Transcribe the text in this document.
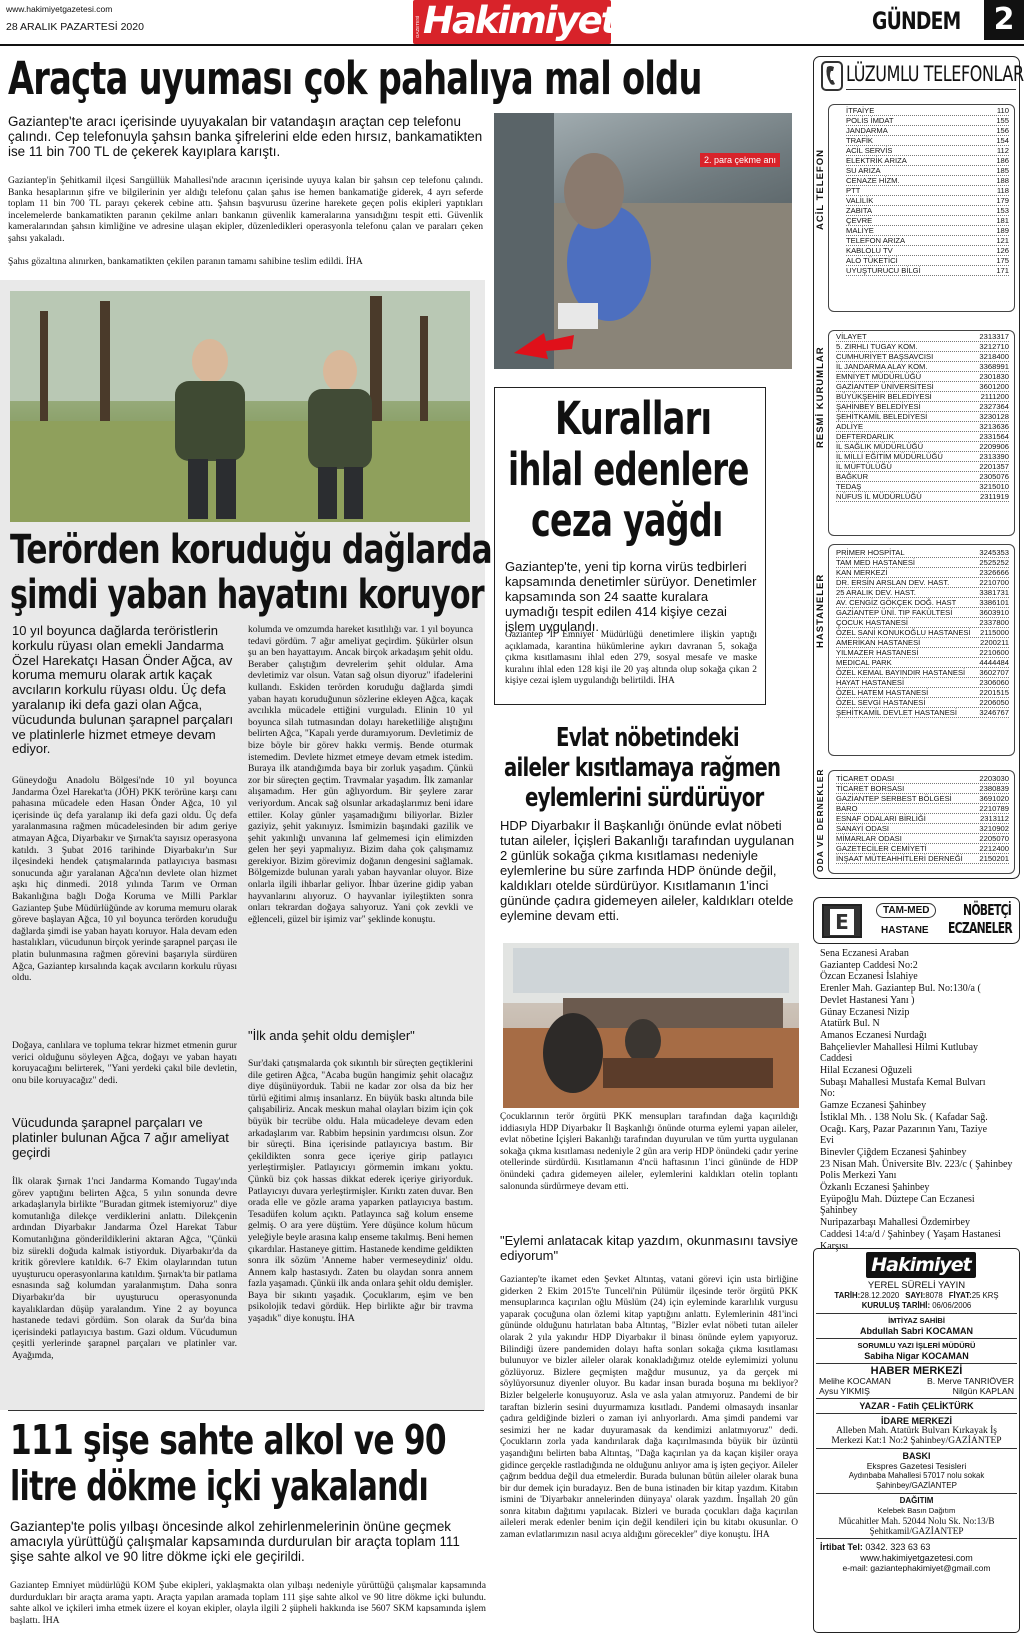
www.hakimiyetgazetesi.com
28 ARALIK PAZARTESİ 2020	GAZETESİ Hakimiyet	GÜNDEM	2
Araçta uyuması çok pahalıya mal oldu
Gaziantep'te aracı içerisinde uyuyakalan bir vatandaşın araçtan cep telefonu çalındı. Cep telefonuyla şahsın banka şifrelerini elde eden hırsız, bankamatikten ise 11 bin 700 TL de çekerek kayıplara karıştı.
Gaziantep'in Şehitkamil ilçesi Sarıgüllük Mahallesi'nde aracının içerisinde uyuya kalan bir şahsın cep telefonu çalındı. Banka hesaplarının şifre ve bilgilerinin yer aldığı telefonu çalan şahıs ise hemen bankamatiğe giderek, 4 ayrı seferde toplam 11 bin 700 TL parayı çekerek cebine attı. Şahsın başvurusu üzerine harekete geçen polis ekipleri yaptıkları incelemelerde bankamatikten paranın çekilme anları bankanın güvenlik kameralarına yansıdığını tespit etti. Güvenlik kameralarından şahsın kimliğine ve adresine ulaşan ekipler, düzenledikleri operasyonla telefonu çalan ve paraları çeken şahsı yakaladı.
Şahıs gözaltına alınırken, bankamatikten çekilen paranın tamamı sahibine teslim edildi. İHA
2. para çekme anı
Terörden koruduğu dağlarda
şimdi yaban hayatını koruyor
10 yıl boyunca dağlarda teröristlerin korkulu rüyası olan emekli Jandarma Özel Harekatçı Hasan Önder Ağca, av koruma memuru olarak artık kaçak avcıların korkulu rüyası oldu. Üç defa yaralanıp iki defa gazi olan Ağca, vücudunda bulunan şarapnel parçaları ve platinlerle hizmet etmeye devam ediyor.
Güneydoğu Anadolu Bölgesi'nde 10 yıl boyunca Jandarma Özel Harekat'ta (JÖH) PKK terörüne karşı canı pahasına mücadele eden Hasan Önder Ağca, 10 yıl içerisinde üç defa yaralanıp iki defa gazi oldu. Üç defa yaralanmasına rağmen mücadelesinden bir adım geriye atmayan Ağca, Diyarbakır ve Şırnak'ta sayısız operasyona katıldı. 3 Şubat 2016 tarihinde Diyarbakır'ın Sur ilçesindeki hendek çatışmalarında patlayıcıya basması sonucunda ağır yaralanan Ağca'nın devlete olan hizmet aşkı hiç dinmedi. 2018 yılında Tarım ve Orman Bakanlığına bağlı Doğa Koruma ve Milli Parklar Gaziantep Şube Müdürlüğünde av koruma memuru olarak göreve başlayan Ağca, 10 yıl boyunca terörden koruduğu dağlarda şimdi ise yaban hayatı koruyor. Hala devam eden hastalıkları, vücudunun birçok yerinde şarapnel parçası ile platin bulunmasına rağmen görevini başarıyla sürdüren Ağca, Gaziantep kırsalında kaçak avcıların korkulu rüyası oldu.
Doğaya, canlılara ve topluma tekrar hizmet etmenin gurur verici olduğunu söyleyen Ağca, doğayı ve yaban hayatı koruyacağını belirterek, "Yani yerdeki çakıl bile devletin, onu bile koruyacağız" dedi.
Vücudunda şarapnel parçaları ve platinler bulunan Ağca 7 ağır ameliyat geçirdi
İlk olarak Şırnak 1'nci Jandarma Komando Tugay'ında görev yaptığını belirten Ağca, 5 yılın sonunda devre arkadaşlarıyla birlikte "Buradan gitmek istemiyoruz" diye komutanlığa dilekçe verdiklerini anlattı. Dilekçenin ardından Diyarbakır Jandarma Özel Harekat Tabur Komutanlığına gönderildiklerini aktaran Ağca, "Çünkü biz sürekli doğuda kalmak istiyorduk. Diyarbakır'da da kritik görevlere katıldık. 6-7 Ekim olaylarından tutun uyuşturucu operasyonlarına katıldım. Şırnak'ta bir patlama esnasında sağ kolumdan yaralanmıştım. Daha sonra Diyarbakır'da bir uyuşturucu operasyonunda kayalıklardan düşüp yaralandım. Yine 2 ay boyunca hastanede tedavi gördüm. Son olarak da Sur'da bina içerisindeki patlayıcıya bastım. Gazi oldum. Vücudumun çeşitli yerlerinde şarapnel parçaları ve platinler var. Ayağımda,
kolumda ve omzumda hareket kısıtlılığı var. 1 yıl boyunca tedavi gördüm. 7 ağır ameliyat geçirdim. Şükürler olsun şu an ben hayattayım. Ancak birçok arkadaşım şehit oldu. Beraber çalıştığım devrelerim şehit oldular. Ama devletimiz var olsun. Vatan sağ olsun diyoruz" ifadelerini kullandı. Eskiden terörden koruduğu dağlarda şimdi yaban hayatı koruduğunun sözlerine ekleyen Ağca, kaçak avcılıkla mücadele ettiğini vurguladı. Elinin 10 yıl boyunca silah tutmasından dolayı hareketliliğe alıştığını belirten Ağca, "Kapalı yerde duramıyorum. Devletimiz de bize böyle bir görev hakkı vermiş. Bende oturmak istemedim. Devlete hizmet etmeye devam etmek istedim. Buraya ilk atandığımda baya bir zorluk yaşadım. Çünkü zor bir süreçten geçtim. Travmalar yaşadım. İlk zamanlar alışamadım. Her gün ağlıyordum. Bir şeylere zarar veriyordum. Ancak sağ olsunlar arkadaşlarımız beni idare ettiler. Kolay günler yaşamadığımı biliyorlar. Bizler gaziyiz, şehit yakınıyız. İsmimizin başındaki gazilik ve şehit yakınlığı unvanına laf gelmemesi için elimizden gelen her şeyi yapmalıyız. Bizim daha çok çalışmamız gerekiyor. Bizim görevimiz doğanın dengesini sağlamak. Bölgemizde bulunan yaralı yaban hayvanlar oluyor. Bize onlarla ilgili ihbarlar geliyor. İhbar üzerine gidip yaban hayvanlarını alıyoruz. O hayvanlar iyileştikten sonra onları tekrardan doğaya salıyoruz. Yani çok zevkli ve eğlenceli, güzel bir işimiz var" şeklinde konuştu.
"İlk anda şehit oldu demişler"
Sur'daki çatışmalarda çok sıkıntılı bir süreçten geçtiklerini dile getiren Ağca, "Acaba bugün hangimiz şehit olacağız diye düşünüyorduk. Tabii ne kadar zor olsa da biz her türlü eğitimi almış insanlarız. En büyük baskı altında bile çalışabiliriz. Ancak meskun mahal olayları bizim için çok büyük bir tecrübe oldu. Hala mücadeleye devam eden arkadaşlarım var. Rabbim hepsinin yardımcısı olsun. Zor bir süreçti. Bina içerisinde patlayıcıya bastım. Bir çekildikten sonra gece içeriye girip patlayıcı yerleştirmişler. Patlayıcıyı görmemin imkanı yoktu. Çünkü biz çok hassas dikkat ederek içeriye giriyorduk. Patlayıcıyı duvara yerleştirmişler. Kırıktı zaten duvar. Ben orada elle ve gözle arama yaparken patlayıcıya bastım. Tesadüfen kolum açıktı. Patlayınca sağ kolum enseme gelmiş. O ara yere düştüm. Yere düşünce kolum hücum yeleğiyle beyle arasına kalıp enseme takılmış. Beni hemen çıkardılar. Hastaneye gittim. Hastanede kendime geldikten sonra ilk sözüm 'Anneme haber vermeseydiniz' oldu. Annem kalp hastasıydı. Zaten bu olaydan sonra annem fazla yaşamadı. Çünkü ilk anda onlara şehit oldu demişler. Baya bir sıkıntı yaşadık. Çocuklarım, eşim ve ben psikolojik tedavi gördük. Hep birlikte ağır bir travma yaşadık" diye konuştu. İHA
111 şişe sahte alkol ve 90
litre dökme içki yakalandı
Gaziantep'te polis yılbaşı öncesinde alkol zehirlenmelerinin önüne geçmek amacıyla yürüttüğü çalışmalar kapsamında durdurulan bir araçta toplam 111 şişe sahte alkol ve 90 litre dökme içki ele geçirildi.
Gaziantep Emniyet müdürlüğü KOM Şube ekipleri, yaklaşmakta olan yılbaşı nedeniyle yürüttüğü çalışmalar kapsamında durdurdukları bir araçta arama yaptı. Araçta yapılan aramada toplam 111 şişe sahte alkol ve 90 litre dökme içki bulundu. sahte alkol ve içkileri imha etmek üzere el koyan ekipler, olayla ilgili 2 şüpheli hakkında ise 5607 SKM kapsamında işlem başlattı. İHA
Kuralları
ihlal edenlere
ceza yağdı
Gaziantep'te, yeni tip korna virüs tedbirleri kapsamında denetimler sürüyor. Denetimler kapsamında son 24 saatte kuralara uymadığı tespit edilen 414 kişiye cezai işlem uygulandı.
Gaziantep İl Emniyet Müdürlüğü denetimlere ilişkin yaptığı açıklamada, karantina hükümlerine aykırı davranan 5, sokağa çıkma kısıtlamasını ihlal eden 279, sosyal mesafe ve maske kuralını ihlal eden 128 kişi ile 20 yaş altında olup sokağa çıkan 2 kişiye cezai işlem uygulandığı belirtildi. İHA
Evlat nöbetindeki
aileler kısıtlamaya rağmen
eylemlerini sürdürüyor
HDP Diyarbakır İl Başkanlığı önünde evlat nöbeti tutan aileler, İçişleri Bakanlığı tarafından uygulanan 2 günlük sokağa çıkma kısıtlaması nedeniyle eylemlerine bu süre zarfında HDP önünde değil, kaldıkları otelde sürdürüyor. Kısıtlamanın 1'inci gününde çadıra gidemeyen aileler, kaldıkları otelde eylemine devam etti.
Çocuklarının terör örgütü PKK mensupları tarafından dağa kaçırıldığı iddiasıyla HDP Diyarbakır İl Başkanlığı önünde oturma eylemi yapan aileler, evlat nöbetine İçişleri Bakanlığı tarafından duyurulan ve tüm yurtta uygulanan sokağa çıkma kısıtlaması nedeniyle 2 gün ara verip HDP önündeki çadır yerine otellerinde sürdürdü. Kısıtlamanın 4'ncü haftasının 1'inci gününde de HDP önündeki çadıra gidemeyen aileler, eylemlerini kaldıkları otelin toplantı salonunda sürdürmeye devam etti.
"Eylemi anlatacak kitap yazdım, okunmasını tavsiye ediyorum"
Gaziantep'te ikamet eden Şevket Altıntaş, vatani görevi için usta birliğine giderken 2 Ekim 2015'te Tunceli'nin Pülümür ilçesinde terör örgütü PKK mensuplarınca kaçırılan oğlu Müslüm (24) için eyleminde kararlılık vurgusu yaparak çocuğuna olan özlemi kitap yaptığını anlattı. Eylemlerinin 481'inci gününde olduğunu hatırlatan baba Altıntaş, "Bizler evlat nöbeti tutan aileler olarak 2 yıla yakındır HDP Diyarbakır il binası önünde eylem yapıyoruz. Bilindiği üzere pandemiden dolayı hafta sonları sokağa çıkma kısıtlaması bulunuyor ve bizler aileler olarak konakladığımız otelde eylemimizi yolunu gözlüyoruz. Bizlere geçmişten mağdur musunuz, ya da gerçek mi söylüyorsunuz diyenler oluyor. Bu kadar insan burada boşuna mı bekliyor? Bizler belgelerle konuşuyoruz. Asla ve asla yalan atmıyoruz. Pandemi de bir taraftan bizlerin sesini duyurmamıza kısıtladı. Pandemi olmasaydı insanlar çadıra geldiğinde bizleri o zaman iyi anlıyorlardı. Ama şimdi pandemi var sesimizi her ne kadar duyuramasak da kendimizi anlatmıyoruz" dedi. Çocukların zorla yada kandırılarak dağa kaçırılmasında büyük bir üzüntü yaşandığını belirten baba Altıntaş, "Dağa kaçırılan ya da kaçan kişiler oraya gidince gerçekle rastladığında ne olduğunu anlıyor ama iş işten geçiyor. Aileler çağrım beddua değil dua etmelerdir. Burada bulunan bütün aileler olarak buna bir dur demek için buradayız. Ben de buna istinaden bir kitap yazdım. Kitabın ismini de 'Diyarbakır annelerinden dünyaya' olarak yazdım. İnşallah 20 gün sonra kitabın dağıtımı yapılacak. Bizleri ve burada çocukları dağa kaçırılan aileleri merak edenler benim için değil kendileri için bu kitabı okusunlar. O zaman evlatlarımızın nasıl acıya aldığını görecekler" diye konuştu. İHA
LÜZUMLU TELEFONLAR
ACİL TELEFON
İTFAİYE	110
POLİS İMDAT	155
JANDARMA	156
TRAFİK	154
ACİL SERVİS	112
ELEKTRİK ARIZA	186
SU ARIZA	185
CENAZE HİZM.	188
PTT	118
VALİLİK	179
ZABITA	153
ÇEVRE	181
MALİYE	189
TELEFON ARIZA	121
KABLOLU TV	126
ALO TÜKETİCİ	175
UYUŞTURUCU BİLGİ	171
RESMİ KURUMLAR
VİLAYET	2313317
5. ZIRHLI TUGAY KOM.	3212710
CUMHURİYET BAŞSAVCISI	3218400
İL JANDARMA ALAY KOM.	3368991
EMNİYET MÜDÜRLÜĞÜ	2301830
GAZİANTEP ÜNİVERSİTESİ	3601200
BÜYÜKŞEHİR BELEDİYESİ	2111200
ŞAHİNBEY BELEDİYESİ	2327364
ŞEHİTKAMİL BELEDİYESİ	3230128
ADLİYE	3213636
DEFTERDARLIK	2331564
İL SAĞLIK MÜDÜRLÜĞÜ	2209906
İL MİLLİ EĞİTİM MÜDÜRLÜĞÜ	2313390
İL MÜFTÜLÜĞÜ	2201357
BAĞKUR	2305076
TEDAŞ	3215010
NÜFUS İL MÜDÜRLÜĞÜ	2311919
HASTANELER
PRİMER HOSPİTAL	3245353
TAM MED HASTANESİ	2525252
KAN MERKEZİ	2326666
DR. ERSİN ARSLAN DEV. HAST.	2210700
25 ARALIK DEV. HAST.	3381731
AV. CENGİZ GÖKÇEK DOĞ. HAST	3386101
GAZİANTEP ÜNİ. TIP FAKÜLTESİ	3603910
ÇOCUK HASTANESİ	2337800
ÖZEL SANİ KONUKOĞLU HASTANESİ 2115000
AMERİKAN HASTANESİ	2200211
YILMAZER HASTANESİ	2210600
MEDICAL PARK	4444484
ÖZEL KEMAL BAYINDIR HASTANESİ 3602707
HAYAT HASTANESİ	2306060
ÖZEL HATEM HASTANESİ	2201515
ÖZEL SEVGİ HASTANESİ	2206050
ŞEHİTKAMİL DEVLET HASTANESİ	3246767
ODA VE DERNEKLER TİCARET ODASI	2203030
TİCARET BORSASI	2380839
GAZİANTEP SERBEST BÖLGESİ	3691020
BARO	2210789
ESNAF ODALARI BİRLİĞİ	2313112
SANAYİ ODASI	3210902
MİMARLAR ODASI	2205070
GAZETECİLER CEMİYETİ	2212400
İNŞAAT MÜTEAHHİTLERİ DERNEĞİ 2150201
E	TAM-MED
HASTANE
NÖBETÇİ
ECZANELER
Sena Eczanesi Araban
Gaziantep Caddesi No:2
Özcan Eczanesi İslahiye
Erenler Mah. Gaziantep Bul. No:130/a (
Devlet Hastanesi Yanı )
Günay Eczanesi Nizip
Atatürk Bul. N
Amanos Eczanesi Nurdağı
Bahçelievler Mahallesi Hilmi Kutlubay
Caddesi
Hilal Eczanesi Oğuzeli
Subaşı Mahallesi Mustafa Kemal Bulvarı
No:
Gamze Eczanesi Şahinbey
İstiklal Mh. . 138 Nolu Sk. ( Kafadar Sağ.
Ocağı. Karş, Pazar Pazarının Yanı, Taziye
Evi
Binevler Çiğdem Eczanesi Şahinbey
23 Nisan Mah. Üniversite Blv. 223/c ( Şahinbey Polis Merkezi Yanı
Özkanlı Eczanesi Şahinbey
Eyüpoğlu Mah. Düztepe Can Eczanesi
Şahinbey
Nuripazarbaşı Mahallesi Özdemirbey
Caddesi 14:a/d / Şahinbey ( Yaşam Hastanesi
Karşısı
Hakimiyet
YEREL SÜRELİ YAYIN
TARİH:28.12.2020 SAYI:8078 FİYAT:25 KRŞ
KURULUŞ TARİHİ: 06/06/2006
İMTİYAZ SAHİBİ
Abdullah Sabri KOCAMAN
SORUMLU YAZI İŞLERİ MÜDÜRÜ
Sabiha Nigar KOCAMAN
HABER MERKEZİ
Melihe KOCAMAN
Aysu YIKMIŞ
B. Merve TANRIÖVER
Nilgün KAPLAN
YAZAR - Fatih ÇELİKTÜRK
İDARE MERKEZİ
Alleben Mah. Atatürk Bulvarı Kırkayak İş
Merkezi Kat:1 No:2 Şahinbey/GAZİANTEP
BASKI
Ekspres Gazetesi Tesisleri
Aydınbaba Mahallesi 57017 nolu sokak
Şahinbey/GAZİANTEP
DAĞITIM
Kelebek Basın Dağıtım
Mücahitler Mah. 52044 Nolu Sk. No:13/B
Şehitkamil/GAZİANTEP
İrtibat Tel: 0342. 323 63 63
www.hakimiyetgazetesi.com
e-mail: gaziantephakimiyet@gmail.com
